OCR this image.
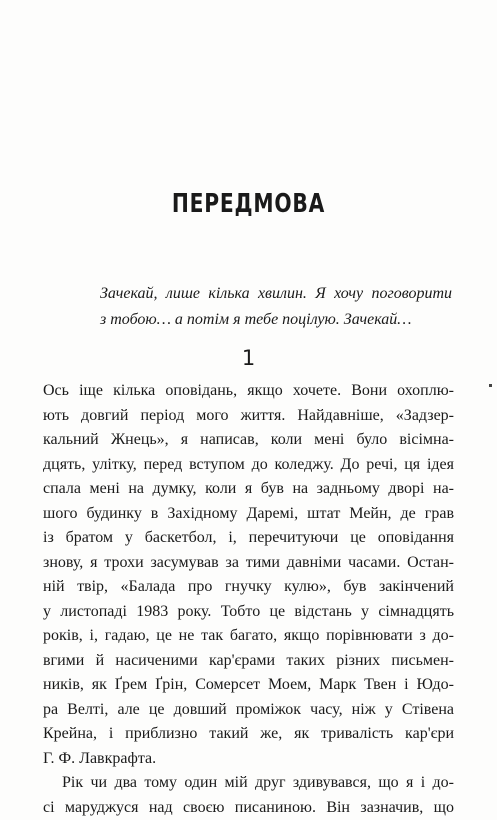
ПЕРЕДМОВА
Зачекай, лише кілька хвилин. Я хочу поговорити
з тобою… а потім я тебе поцілую. Зачекай…
1
Ось іще кілька оповідань, якщо хочете. Вони охоплю-
ють довгий період мого життя. Найдавніше, «Задзер-
кальний Жнець», я написав, коли мені було вісімна-
дцять, улітку, перед вступом до коледжу. До речі, ця ідея
спала мені на думку, коли я був на задньому дворі на-
шого будинку в Західному Даремі, штат Мейн, де грав
із братом у баскетбол, і, перечитуючи це оповідання
знову, я трохи засумував за тими давніми часами. Остан-
ній твір, «Балада про гнучку кулю», був закінчений
у листопаді 1983 року. Тобто це відстань у сімнадцять
років, і, гадаю, це не так багато, якщо порівнювати з до-
вгими й насиченими кар'єрами таких різних письмен-
ників, як Ґрем Ґрін, Сомерсет Моем, Марк Твен і Юдо-
ра Велті, але це довший проміжок часу, ніж у Стівена
Крейна, і приблизно такий же, як тривалість кар'єри
Г. Ф. Лавкрафта.
Рік чи два тому один мій друг здивувався, що я і до-
сі маруджуся над своєю писаниною. Він зазначив, що
